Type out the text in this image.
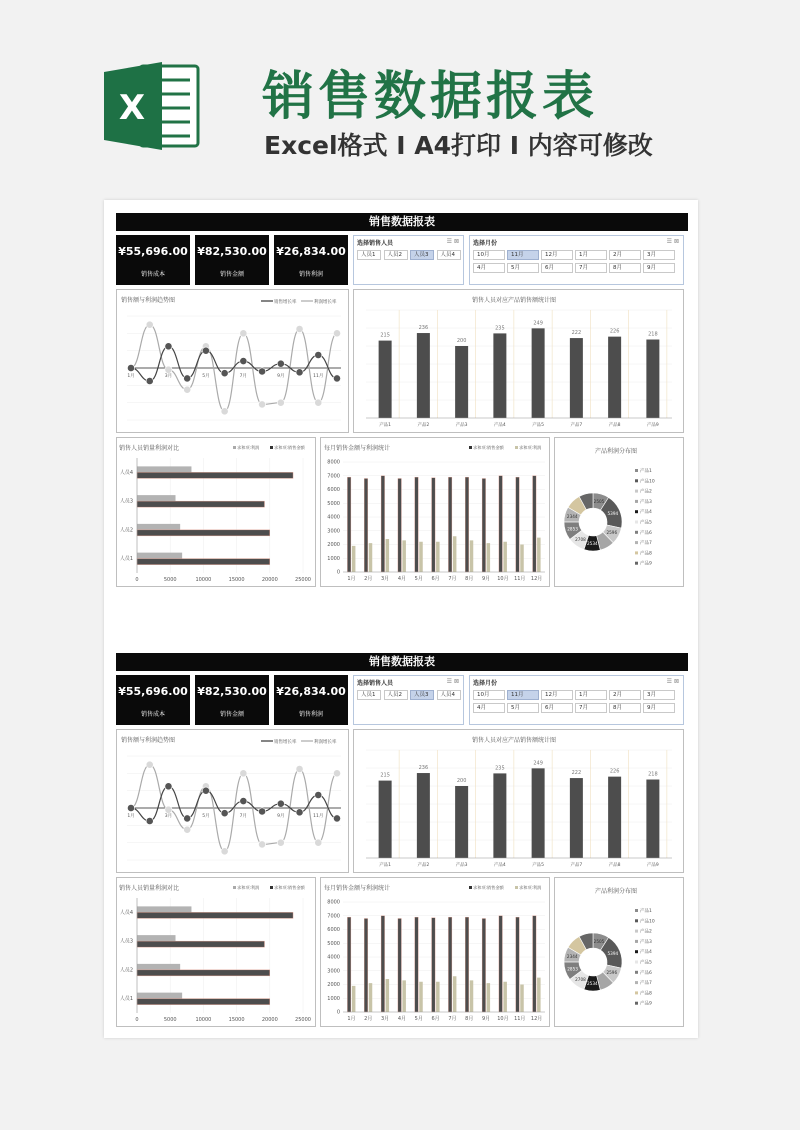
X 销售数据报表
Excel格式 I A4打印 I 内容可修改
销售数据报表
¥55,696.00
销售成本
¥82,530.00
销售金额
¥26,834.00
销售利润
选择销售人员	☰ ⊠
人员1	人员2	人员3	人员4
选择月份	☰ ⊠
10月	11月	12月	1月	2月	3月
4月	5月	6月	7月	8月	9月
销售额与利润趋势图	销售增长率	利润增长率
1月	3月	5月	7月	9月	11月
销售人员对应产品销售额统计图
215
产品1
236
产品2
200
产品3
235
产品4
249
产品5
222
产品7
226
产品8
218
产品9
销售人员销量利润对比	求和项:利润	求和项:销售金额
0	5000	10000	15000	20000	25000
人员4
人员3
人员2
人员1
每月销售金额与利润统计	求和项:销售金额	求和项:利润
0
1000
2000
3000
4000
5000
6000
7000
8000
1月 2月 3月 4月 5月 6月 7月 8月 9月 10月 11月 12月
产品利润分布图
2505
5394
2596
2534
2708
2853
2344
产品1
产品10
产品2
产品3
产品4
产品5
产品6
产品7
产品8
产品9
销售数据报表
¥55,696.00
销售成本
¥82,530.00
销售金额
¥26,834.00
销售利润
选择销售人员	☰ ⊠
人员1	人员2	人员3	人员4
选择月份	☰ ⊠
10月	11月	12月	1月	2月	3月
4月	5月	6月	7月	8月	9月
销售额与利润趋势图	销售增长率	利润增长率
1月	3月	5月	7月	9月	11月
销售人员对应产品销售额统计图
215
产品1
236
产品2
200
产品3
235
产品4
249
产品5
222
产品7
226
产品8
218
产品9
销售人员销量利润对比	求和项:利润	求和项:销售金额
0	5000	10000	15000	20000	25000
人员4
人员3
人员2
人员1
每月销售金额与利润统计	求和项:销售金额	求和项:利润
0
1000
2000
3000
4000
5000
6000
7000
8000
1月 2月 3月 4月 5月 6月 7月 8月 9月 10月 11月 12月
产品利润分布图
2505
5394
2596
2534
2708
2853
2344
产品1
产品10
产品2
产品3
产品4
产品5
产品6
产品7
产品8
产品9
